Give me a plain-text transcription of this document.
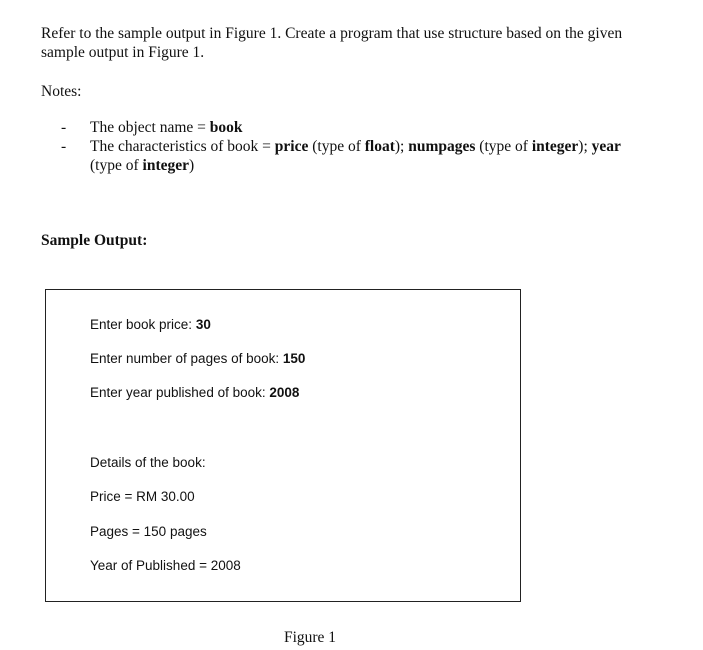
Refer to the sample output in Figure 1. Create a program that use structure based on the given
sample output in Figure 1.

Notes:

- The object name = book
- The characteristics of book = price (type of float); numpages (type of integer); year
(type of integer)

Sample Output:

Enter book price: 30
Enter number of pages of book: 150
Enter year published of book: 2008
Details of the book:
Price = RM 30.00
Pages = 150 pages
Year of Published = 2008

Figure 1
